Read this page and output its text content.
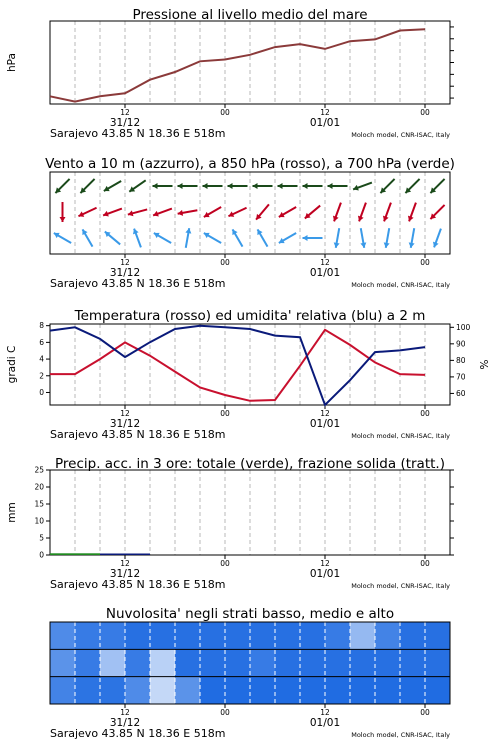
Pressione al livello medio del mare
12	00	12	00
31/12	01/01
Sarajevo 43.85 N 18.36 E 518m	Moloch model, CNR-ISAC, Italy
hPa
Vento a 10 m (azzurro), a 850 hPa (rosso), a 700 hPa (verde)
12	00	12	00
31/12	01/01
Sarajevo 43.85 N 18.36 E 518m	Moloch model, CNR-ISAC, Italy
Temperatura (rosso) ed umidita' relativa (blu) a 2 m
12	00	12	00
31/12	01/01
Sarajevo 43.85 N 18.36 E 518m	Moloch model, CNR-ISAC, Italy
gradi C
0
2
4
6
8
60
70
80
90
100
%
Precip. acc. in 3 ore: totale (verde), frazione solida (tratt.)
12	00	12	00
31/12	01/01
Sarajevo 43.85 N 18.36 E 518m	Moloch model, CNR-ISAC, Italy
mm
0
5
10
15
20
25
Nuvolosita' negli strati basso, medio e alto
12	00	12	00
31/12	01/01
Sarajevo 43.85 N 18.36 E 518m	Moloch model, CNR-ISAC, Italy
